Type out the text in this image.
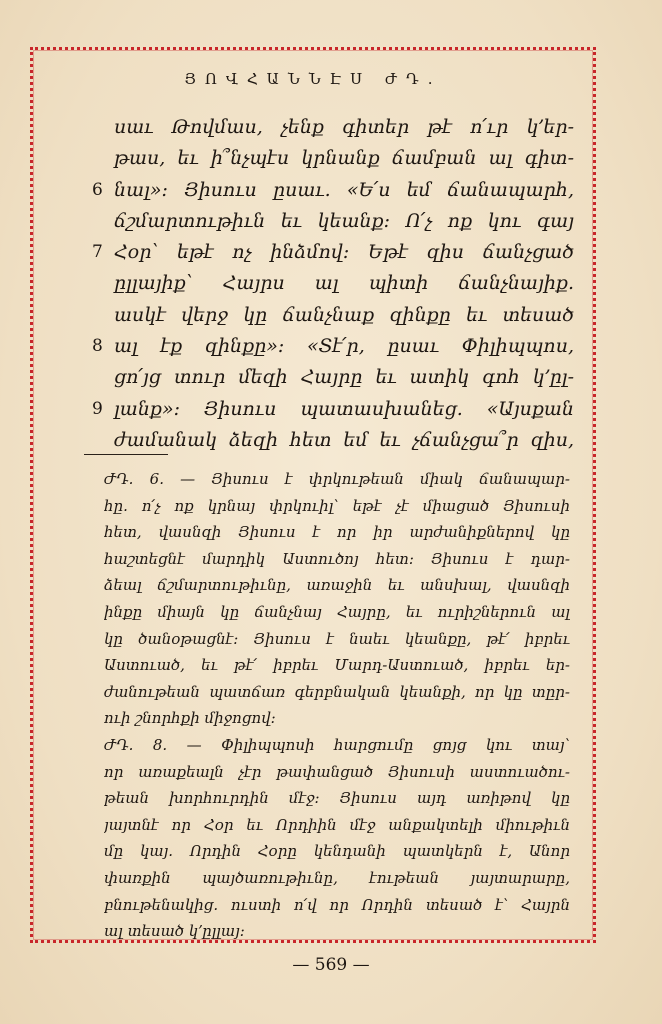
ՅՈՎՀԱՆՆԷՍ ԺԴ.
սաւ Թովմաս, չենք գիտեր թէ ո՛ւր կ՚եր-
թաս, եւ ի՞նչպէս կրնանք ճամբան ալ գիտ-
6 նալ»: Յիսուս ըսաւ. «Ե՛ս եմ ճանապարհ,
ճշմարտութիւն եւ կեանք: Ո՛չ ոք կու գայ
7 Հօր՝ եթէ ոչ ինձմով: Եթէ զիս ճանչցած
ըլլայիք՝ Հայրս ալ պիտի ճանչնայիք.
ասկէ վերջ կը ճանչնաք զինքը եւ տեսած
8 ալ էք զինքը»: «Տէ՛ր, ըսաւ Փիլիպպոս,
ցո՛յց տուր մեզի Հայրը եւ ատիկ գոհ կ՚ըլ-
9 լանք»: Յիսուս պատասխանեց. «Այսքան
ժամանակ ձեզի հետ եմ եւ չճանչցա՞ր զիս,
ԺԴ. 6. — Յիսուս է փրկութեան միակ ճանապար-
հը. ո՛չ ոք կրնայ փրկուիլ՝ եթէ չէ միացած Յիսուսի
հետ, վասնզի Յիսուս է որ իր արժանիքներով կը
հաշտեցնէ մարդիկ Աստուծոյ հետ: Յիսուս է դար-
ձեալ ճշմարտութիւնը, առաջին եւ անսխալ, վասնզի
ինքը միայն կը ճանչնայ Հայրը, եւ ուրիշներուն ալ
կը ծանօթացնէ: Յիսուս է նաեւ կեանքը, թէ՛ իբրեւ
Աստուած, եւ թէ՛ իբրեւ Մարդ-Աստուած, իբրեւ եր-
ժանութեան պատճառ գերբնական կեանքի, որ կը տըր-
ուի շնորհքի միջոցով:
ԺԴ. 8. — Փիլիպպոսի հարցումը ցոյց կու տայ՝
որ առաքեալն չէր թափանցած Յիսուսի աստուածու-
թեան խորհուրդին մէջ: Յիսուս այդ առիթով կը
յայտնէ որ Հօր եւ Որդիին մէջ անքակտելի միութիւն
մը կայ. Որդին Հօրը կենդանի պատկերն է, Անոր
փառքին պայծառութիւնը, էութեան յայտարարը,
բնութենակից. ուստի ո՛վ որ Որդին տեսած է՝ Հայրն
ալ տեսած կ՚ըլլայ:
— 569 —
